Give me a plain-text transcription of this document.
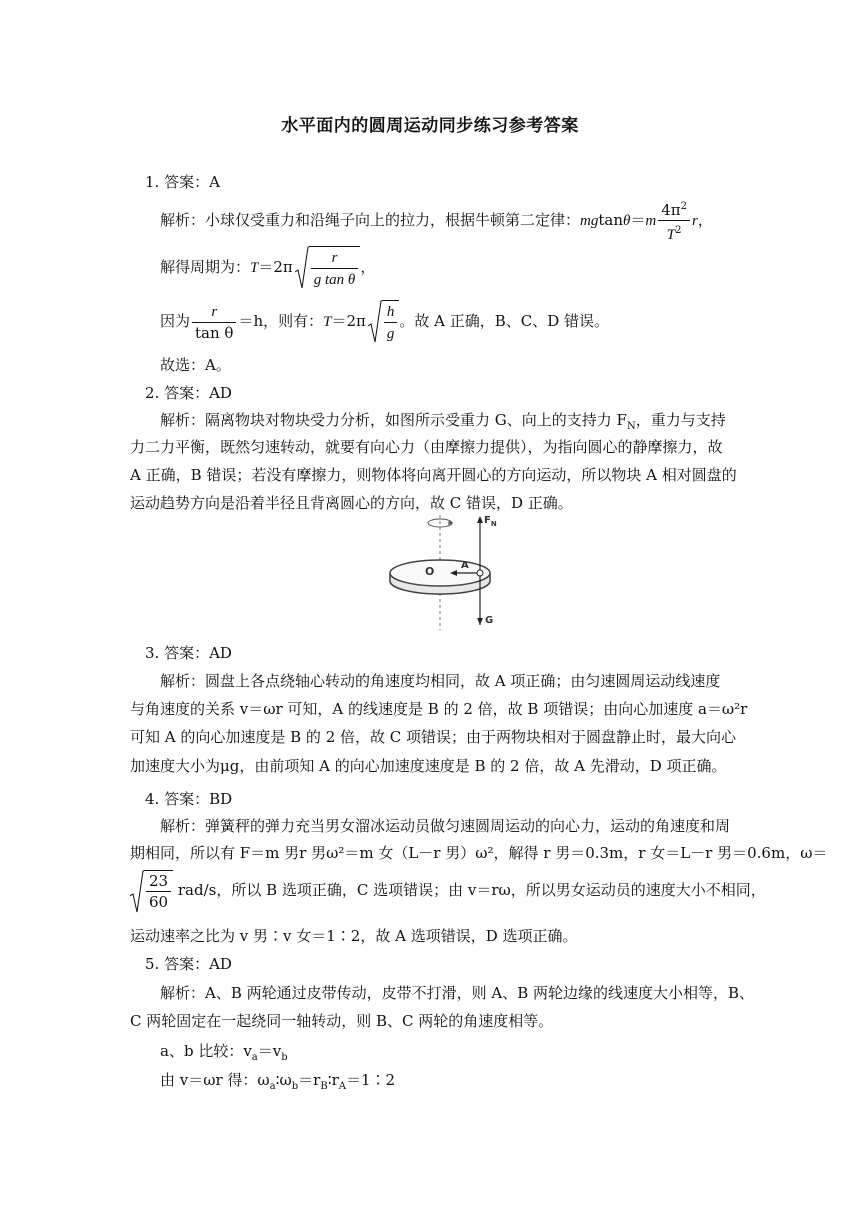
水平面内的圆周运动同步练习参考答案
1. 答案：A
解析：小球仅受重力和沿绳子向上的拉力，根据牛顿第二定律：$mgtan\theta=m \frac{4\pi^2}{T^2}$ r，
解得周期为：$T=2\pi \frac{r}{\text{g tan θ}}$ ，
因为 $\frac{r}{\text{tan θ}} =h$，则有：$T=2\pi \frac{h}{g}$ 。故 A 正确，B、C、D 错误。
故选：A。
2. 答案：AD
解析：隔离物块对物块受力分析，如图所示受重力 G、向上的支持力 $F_N$，重力与支持
力二力平衡，既然匀速转动，就要有向心力（由摩擦力提供），为指向圆心的静摩擦力，故
A 正确，B 错误；若没有摩擦力，则物体将向离开圆心的方向运动，所以物块 A 相对圆盘的
运动趋势方向是沿着半径且背离圆心的方向，故 C 错误，D 正确。
$F_N$
O	A
G
3. 答案：AD
解析：圆盘上各点绕轴心转动的角速度均相同，故 A 项正确；由匀速圆周运动线速度
与角速度的关系 v＝ωr 可知，A 的线速度是 B 的 2 倍，故 B 项错误；由向心加速度 a＝ω²r
可知 A 的向心加速度是 B 的 2 倍，故 C 项错误；由于两物块相对于圆盘静止时，最大向心
加速度大小为μg，由前项知 A 的向心加速度速度是 B 的 2 倍，故 A 先滑动，D 项正确。
4. 答案：BD
解析：弹簧秤的弹力充当男女溜冰运动员做匀速圆周运动的向心力，运动的角速度和周
期相同，所以有 F＝m 男r 男ω²＝m 女（L－r 男）ω²，解得 r 男＝0.3m，r 女＝L－r 男＝0.6m，ω＝
$\frac{23}{60} rad/s$，所以 B 选项正确，C 选项错误；由 v＝rω，所以男女运动员的速度大小不相同，
运动速率之比为 v 男∶v 女＝1∶2，故 A 选项错误，D 选项正确。
5. 答案：AD
解析：A、B 两轮通过皮带传动，皮带不打滑，则 A、B 两轮边缘的线速度大小相等，B、
C 两轮固定在一起绕同一轴转动，则 B、C 两轮的角速度相等。
a、b 比较：$v_a=v_b$
由 v＝ωr 得：$\omega_a∶\omega_b=r_B∶r_A=1∶2$
